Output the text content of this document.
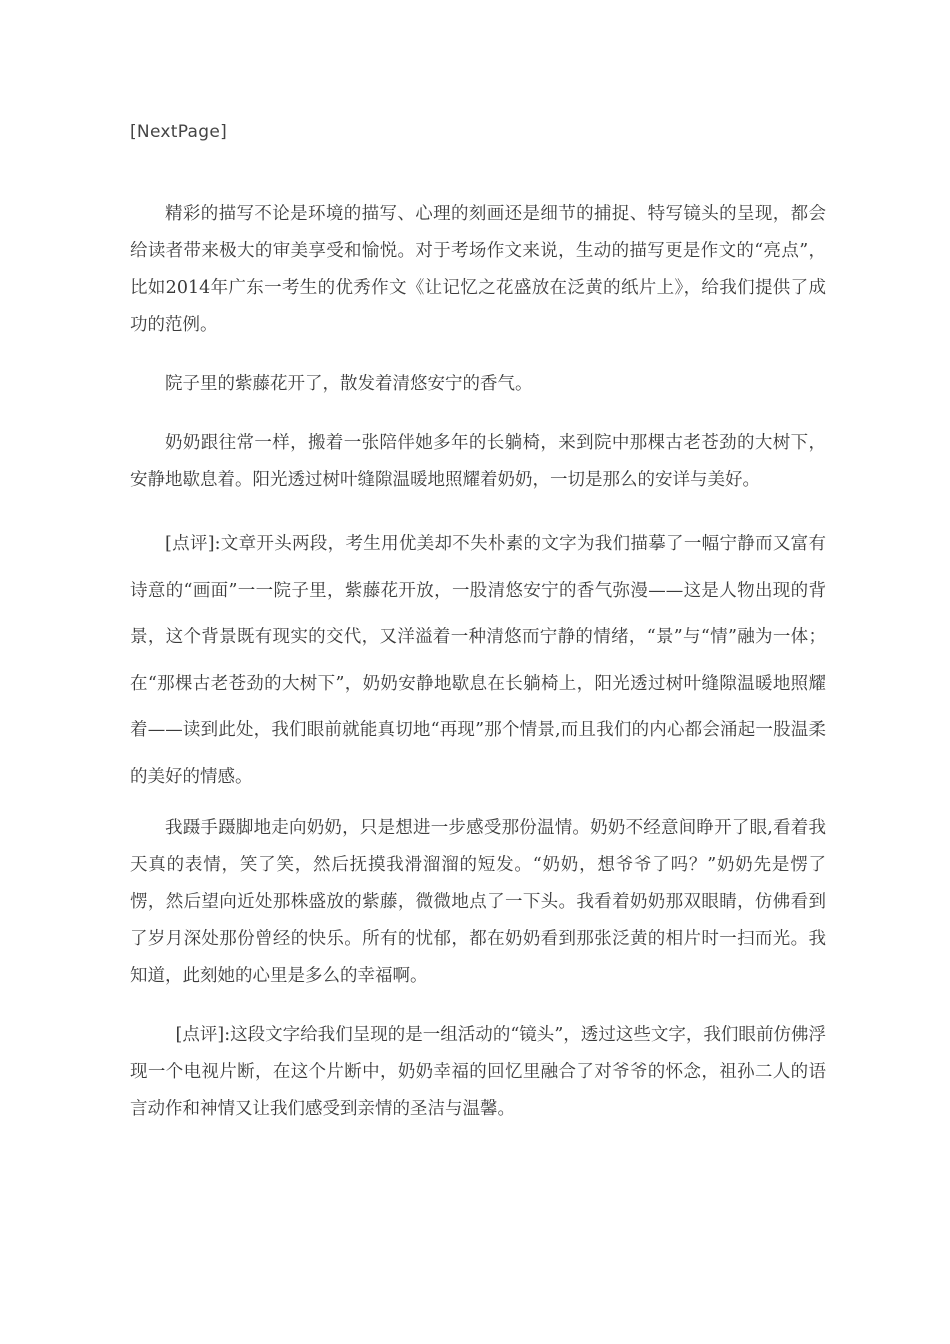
[NextPage]

精彩的描写不论是环境的描写、心理的刻画还是细节的捕捉、特写镜头的呈现，都会给读者带来极大的审美享受和愉悦。对于考场作文来说，生动的描写更是作文的“亮点”，比如2014年广东一考生的优秀作文《让记忆之花盛放在泛黄的纸片上》，给我们提供了成功的范例。

院子里的紫藤花开了，散发着清悠安宁的香气。

奶奶跟往常一样，搬着一张陪伴她多年的长躺椅，来到院中那棵古老苍劲的大树下，安静地歇息着。阳光透过树叶缝隙温暖地照耀着奶奶，一切是那么的安详与美好。

[点评]:文章开头两段，考生用优美却不失朴素的文字为我们描摹了一幅宁静而又富有诗意的“画面”一一院子里，紫藤花开放，一股清悠安宁的香气弥漫——这是人物出现的背景，这个背景既有现实的交代，又洋溢着一种清悠而宁静的情绪，“景”与“情”融为一体；在“那棵古老苍劲的大树下”，奶奶安静地歇息在长躺椅上，阳光透过树叶缝隙温暖地照耀着——读到此处，我们眼前就能真切地“再现”那个情景,而且我们的内心都会涌起一股温柔的美好的情感。

我蹑手蹑脚地走向奶奶，只是想进一步感受那份温情。奶奶不经意间睁开了眼,看着我天真的表情，笑了笑，然后抚摸我滑溜溜的短发。“奶奶，想爷爷了吗？”奶奶先是愣了愣，然后望向近处那株盛放的紫藤，微微地点了一下头。我看着奶奶那双眼睛，仿佛看到了岁月深处那份曾经的快乐。所有的忧郁，都在奶奶看到那张泛黄的相片时一扫而光。我知道，此刻她的心里是多么的幸福啊。

[点评]:这段文字给我们呈现的是一组活动的“镜头”，透过这些文字，我们眼前仿佛浮现一个电视片断，在这个片断中，奶奶幸福的回忆里融合了对爷爷的怀念，祖孙二人的语言动作和神情又让我们感受到亲情的圣洁与温馨。
